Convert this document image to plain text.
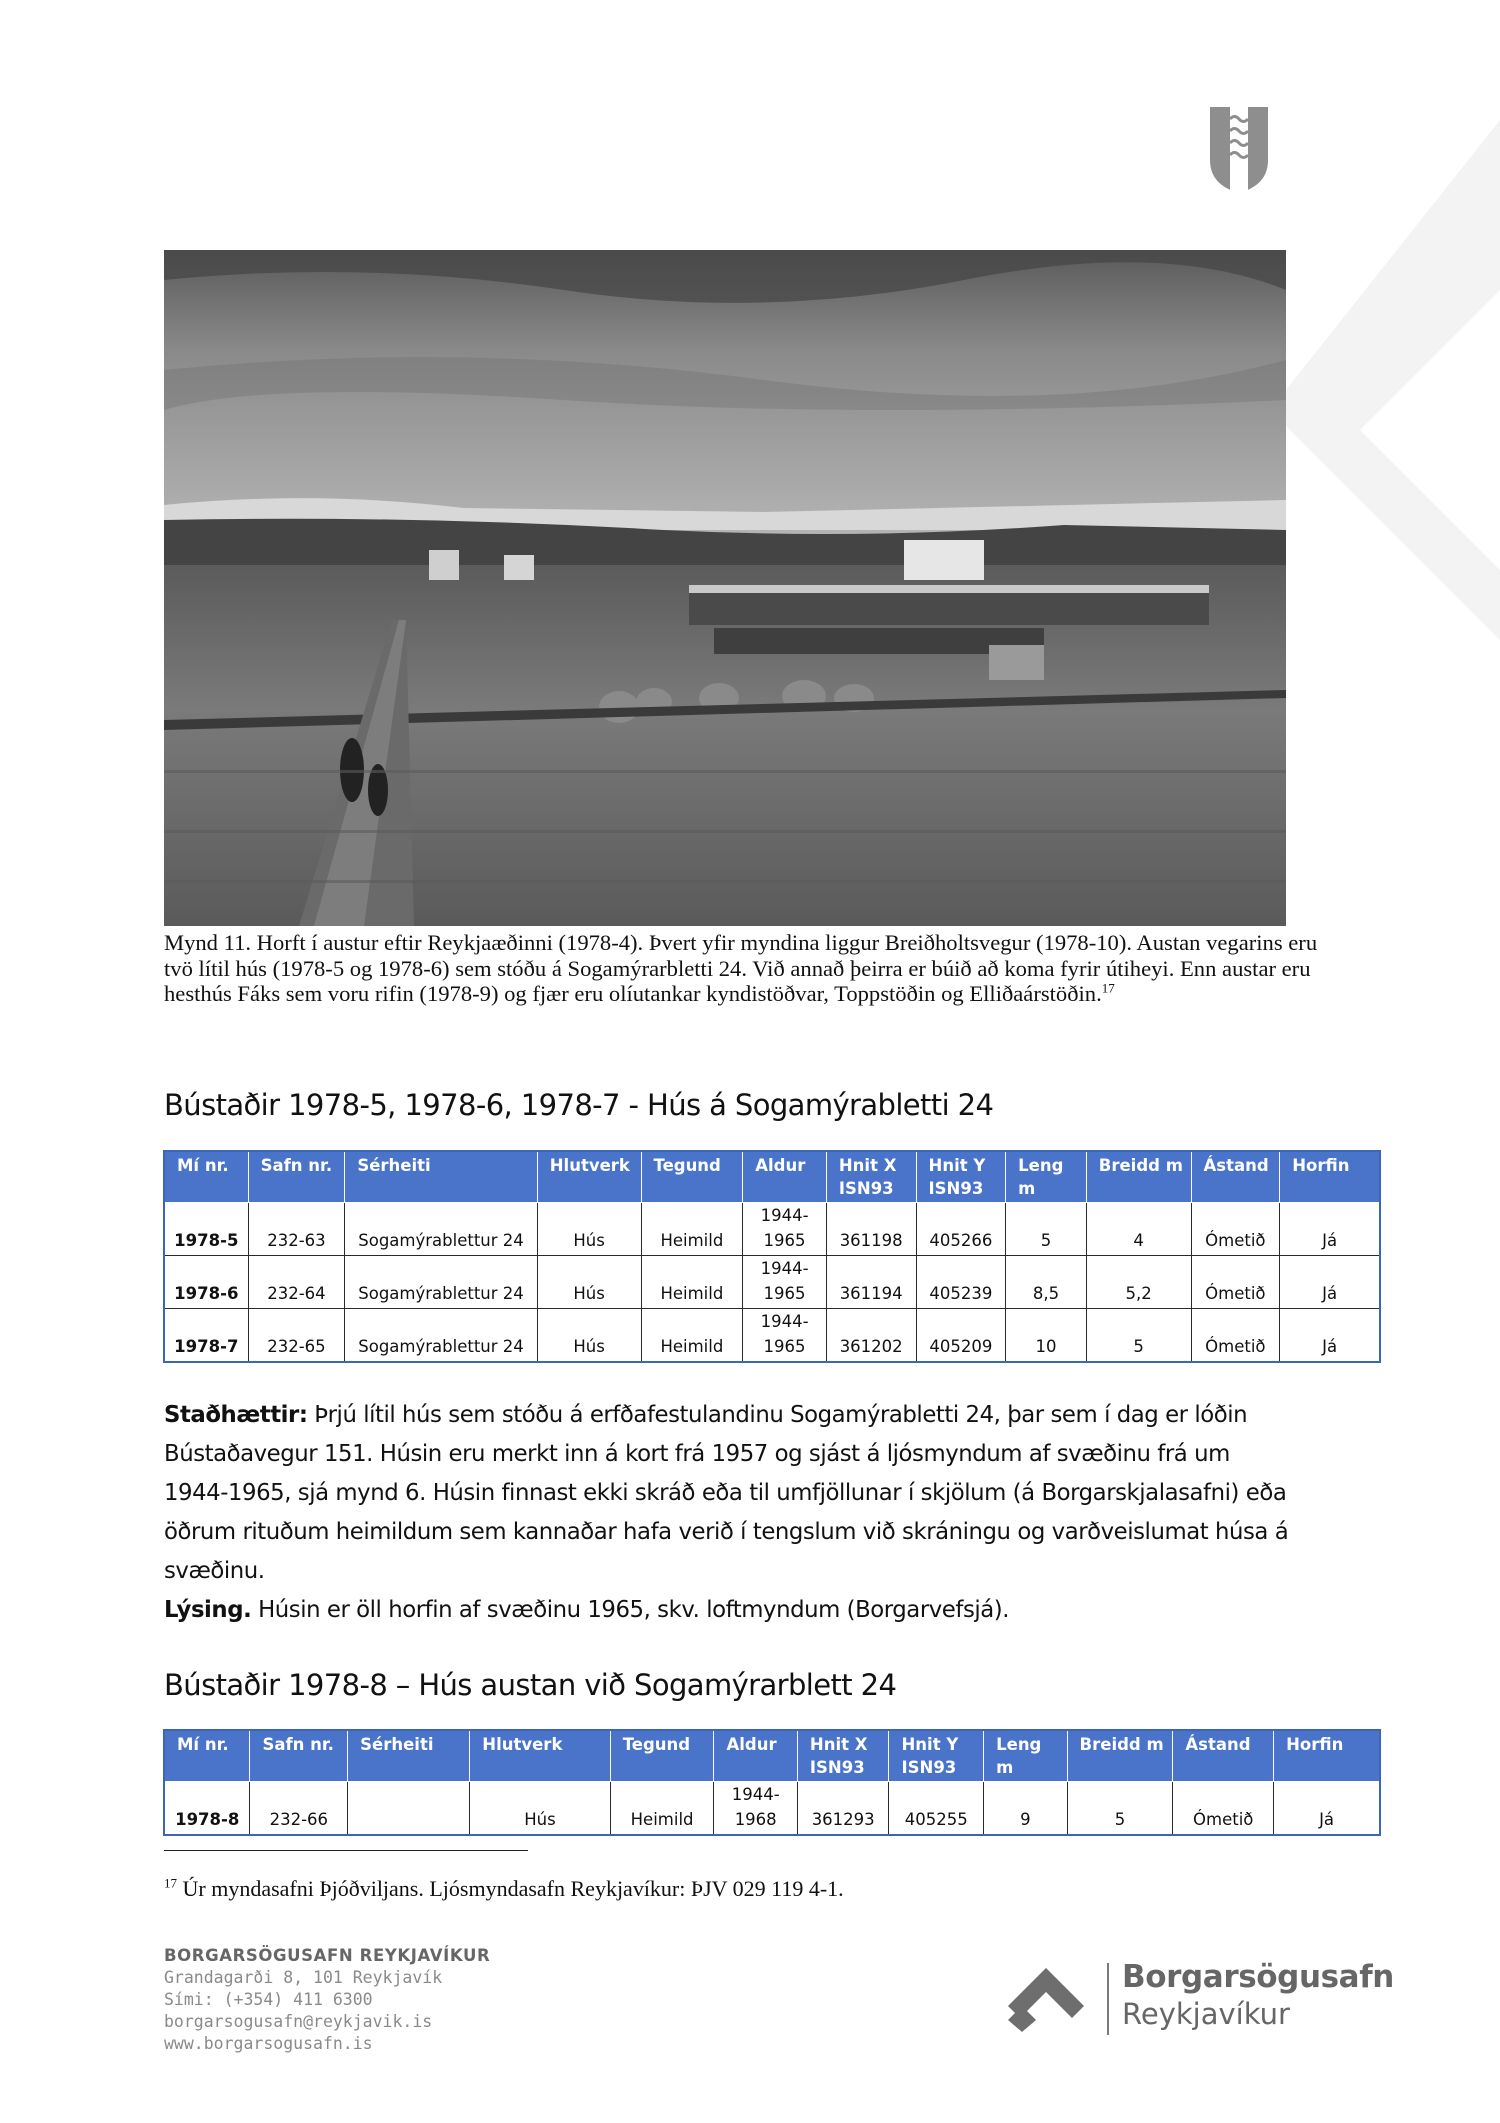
Mynd 11. Horft í austur eftir Reykjaæðinni (1978-4). Þvert yfir myndina liggur Breiðholtsvegur (1978-10). Austan vegarins eru tvö lítil hús (1978-5 og 1978-6) sem stóðu á Sogamýrarbletti 24. Við annað þeirra er búið að koma fyrir útiheyi. Enn austar eru hesthús Fáks sem voru rifin (1978-9) og fjær eru olíutankar kyndistöðvar, Toppstöðin og Elliðaárstöðin.$^{17}$
Bústaðir 1978-5, 1978-6, 1978-7 - Hús á Sogamýrabletti 24
Mí nr.	Safn nr.	Sérheiti	Hlutverk	Tegund	Aldur	Hnit X ISN93	Hnit Y ISN93	Leng m	Breidd m	Ástand	Horfin
1978-5	232-63	Sogamýrablettur 24	Hús	Heimild	1944-1965	361198	405266	5	4	Ómetið	Já
1978-6	232-64	Sogamýrablettur 24	Hús	Heimild	1944-1965	361194	405239	8,5	5,2	Ómetið	Já
1978-7	232-65	Sogamýrablettur 24	Hús	Heimild	1944-1965	361202	405209	10	5	Ómetið	Já

Staðhættir: Þrjú lítil hús sem stóðu á erfðafestulandinu Sogamýrabletti 24, þar sem í dag er lóðin Bústaðavegur 151. Húsin eru merkt inn á kort frá 1957 og sjást á ljósmyndum af svæðinu frá um 1944-1965, sjá mynd 6. Húsin finnast ekki skráð eða til umfjöllunar í skjölum (á Borgarskjalasafni) eða öðrum rituðum heimildum sem kannaðar hafa verið í tengslum við skráningu og varðveislumat húsa á svæðinu.

Lýsing. Húsin er öll horfin af svæðinu 1965, skv. loftmyndum (Borgarvefsjá).

Bústaðir 1978-8 – Hús austan við Sogamýrarblett 24
Mí nr.	Safn nr.	Sérheiti	Hlutverk	Tegund	Aldur	Hnit X ISN93	Hnit Y ISN93	Leng m	Breidd m	Ástand	Horfin
1978-8	232-66		Hús	Heimild	1944-1968	361293	405255	9	5	Ómetið	Já
$^{17}$ Úr myndasafni Þjóðviljans. Ljósmyndasafn Reykjavíkur: ÞJV 029 119 4-1.
BORGARSÖGUSAFN REYKJAVÍKUR
Grandagarði 8, 101 Reykjavík
Sími: (+354) 411 6300
borgarsogusafn@reykjavik.is
www.borgarsogusafn.is
Borgarsögusafn
Reykjavíkur
